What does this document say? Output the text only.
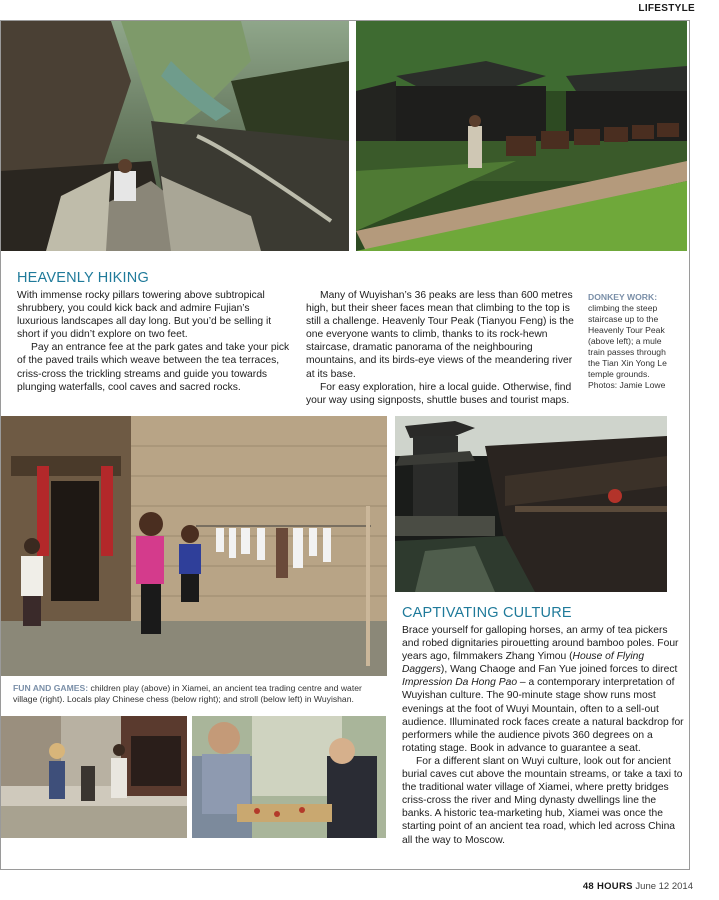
LIFESTYLE
HEAVENLY HIKING

With immense rocky pillars towering above subtropical shrubbery, you could kick back and admire Fujian’s luxurious landscapes all day long. But you’d be selling it short if you didn’t explore on two feet.

Pay an entrance fee at the park gates and take your pick of the paved trails which weave between the tea terraces, criss-cross the trickling streams and guide you towards plunging waterfalls, cool caves and sacred rocks.

Many of Wuyishan’s 36 peaks are less than 600 metres high, but their sheer faces mean that climbing to the top is still a challenge. Heavenly Tour Peak (Tianyou Feng) is the one everyone wants to climb, thanks to its rock-hewn staircase, dramatic panorama of the neighbouring mountains, and its birds-eye views of the meandering river at its base.

For easy exploration, hire a local guide. Otherwise, find your way using signposts, shuttle buses and tourist maps.

DONKEY WORK: climbing the steep staircase up to the Heavenly Tour Peak (above left); a mule train passes through the Tian Xin Yong Le temple grounds. Photos: Jamie Lowe
FUN AND GAMES: children play (above) in Xiamei, an ancient tea trading centre and water village (right). Locals play Chinese chess (below right); and stroll (below left) in Wuyishan.
CAPTIVATING CULTURE

Brace yourself for galloping horses, an army of tea pickers and robed dignitaries pirouetting around bamboo poles. Four years ago, filmmakers Zhang Yimou (House of Flying Daggers), Wang Chaoge and Fan Yue joined forces to direct Impression Da Hong Pao – a contemporary interpretation of Wuyishan culture. The 90-minute stage show runs most evenings at the foot of Wuyi Mountain, often to a sell-out audience. Illuminated rock faces create a natural backdrop for performers while the audience pivots 360 degrees on a rotating stage. Book in advance to guarantee a seat.

For a different slant on Wuyi culture, look out for ancient burial caves cut above the mountain streams, or take a taxi to the traditional water village of Xiamei, where pretty bridges criss-cross the river and Ming dynasty dwellings line the banks. A historic tea-marketing hub, Xiamei was once the starting point of an ancient tea road, which led across China all the way to Moscow.

48 HOURS June 12 2014
